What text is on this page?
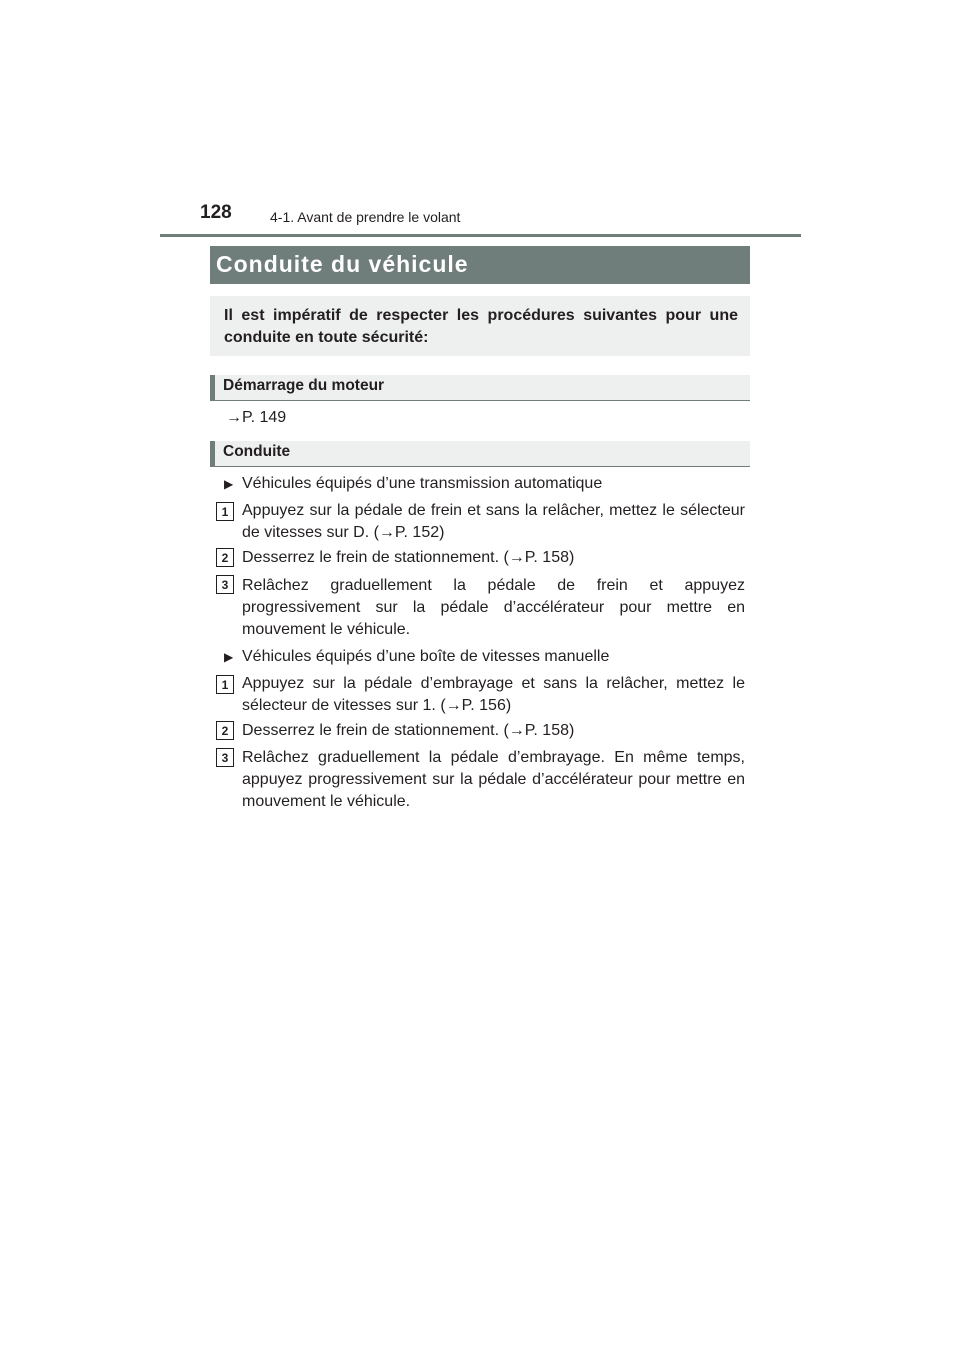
128	4-1. Avant de prendre le volant
Conduite du véhicule

Il est impératif de respecter les procédures suivantes pour une conduite en toute sécurité:

Démarrage du moteur
→P. 149
Conduite
▶ Véhicules équipés d’une transmission automatique
1 Appuyez sur la pédale de frein et sans la relâcher, mettez le sélecteur de vitesses sur D. (→P. 152)
2 Desserrez le frein de stationnement. (→P. 158)
3 Relâchez graduellement la pédale de frein et appuyez progressivement sur la pédale d’accélérateur pour mettre en mouvement le véhicule.
▶ Véhicules équipés d’une boîte de vitesses manuelle
1 Appuyez sur la pédale d’embrayage et sans la relâcher, mettez le sélecteur de vitesses sur 1. (→P. 156)
2 Desserrez le frein de stationnement. (→P. 158)
3 Relâchez graduellement la pédale d’embrayage. En même temps, appuyez progressivement sur la pédale d’accélérateur pour mettre en mouvement le véhicule.
